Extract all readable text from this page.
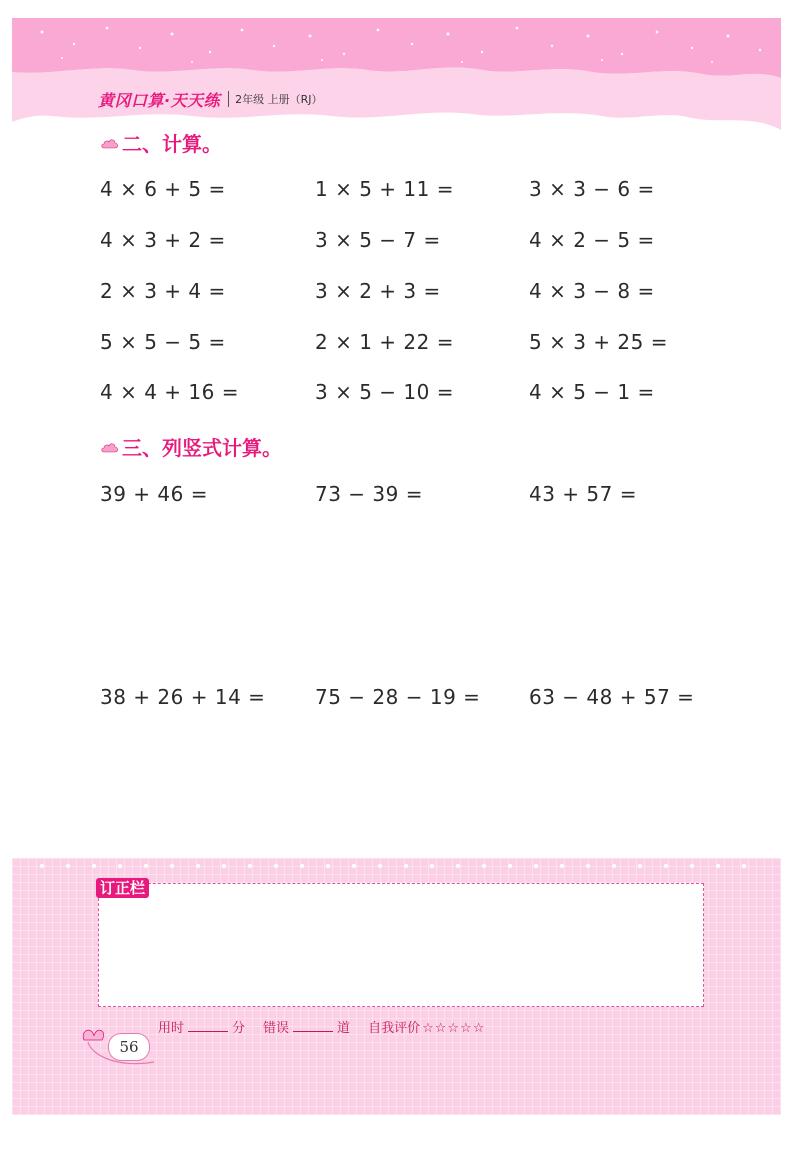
黄冈口算·天天练 2年级 上册（RJ）
二、计算。
4 × 6 + 5 =	1 × 5 + 11 =	3 × 3 − 6 =
4 × 3 + 2 =	3 × 5 − 7 =	4 × 2 − 5 =
2 × 3 + 4 =	3 × 2 + 3 =	4 × 3 − 8 =
5 × 5 − 5 =	2 × 1 + 22 =	5 × 3 + 25 =
4 × 4 + 16 =	3 × 5 − 10 =	4 × 5 − 1 =
三、列竖式计算。
39 + 46 =	73 − 39 =	43 + 57 =
38 + 26 + 14 = 75 − 28 − 19 = 63 − 48 + 57 =
订正栏
用时	分 错误	道 自我评价 ☆☆☆☆☆
56
